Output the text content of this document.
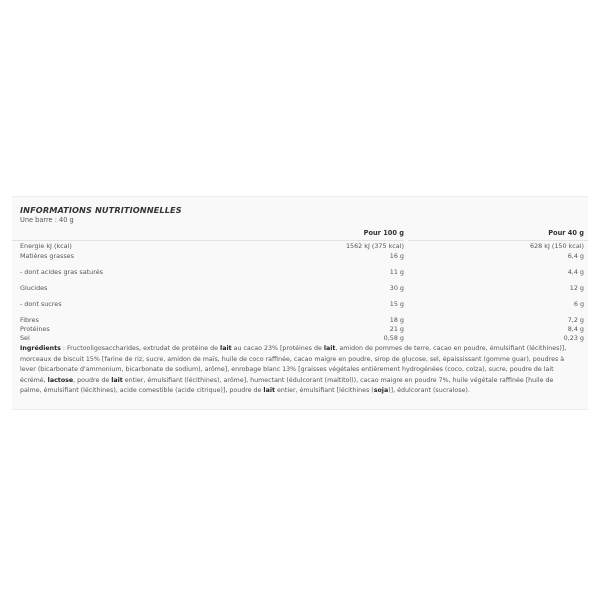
INFORMATIONS NUTRITIONNELLES
Une barre : 40 g
Pour 100 g	Pour 40 g
Energie kJ (kcal)	1562 kJ (375 kcal)	628 kJ (150 kcal)
Matières grasses	16 g	6,4 g
- dont acides gras saturés	11 g	4,4 g
Glucides	30 g	12 g
- dont sucres	15 g	6 g
Fibres	18 g	7,2 g
Protéines	21 g	8,4 g
Sel	0,58 g	0,23 g
Ingrédients : Fructooligosaccharides, extrudat de protéine de lait au cacao 23% [protéines de lait, amidon de pommes de terre, cacao en poudre, émulsifiant (lécithines)], morceaux de biscuit 15% [farine de riz, sucre, amidon de maïs, huile de coco raffinée, cacao maigre en poudre, sirop de glucose, sel, épaississant (gomme guar), poudres à lever (bicarbonate d'ammonium, bicarbonate de sodium), arôme], enrobage blanc 13% [graisses végétales entièrement hydrogénées (coco, colza), sucre, poudre de lait écrémé, lactose, poudre de lait entier, émulsifiant (lécithines), arôme], humectant (édulcorant (maltitol)), cacao maigre en poudre 7%, huile végétale raffinée [huile de palme, émulsifiant (lécithines), acide comestible (acide citrique)], poudre de lait entier, émulsifiant [lécithines (soja)], édulcorant (sucralose).
